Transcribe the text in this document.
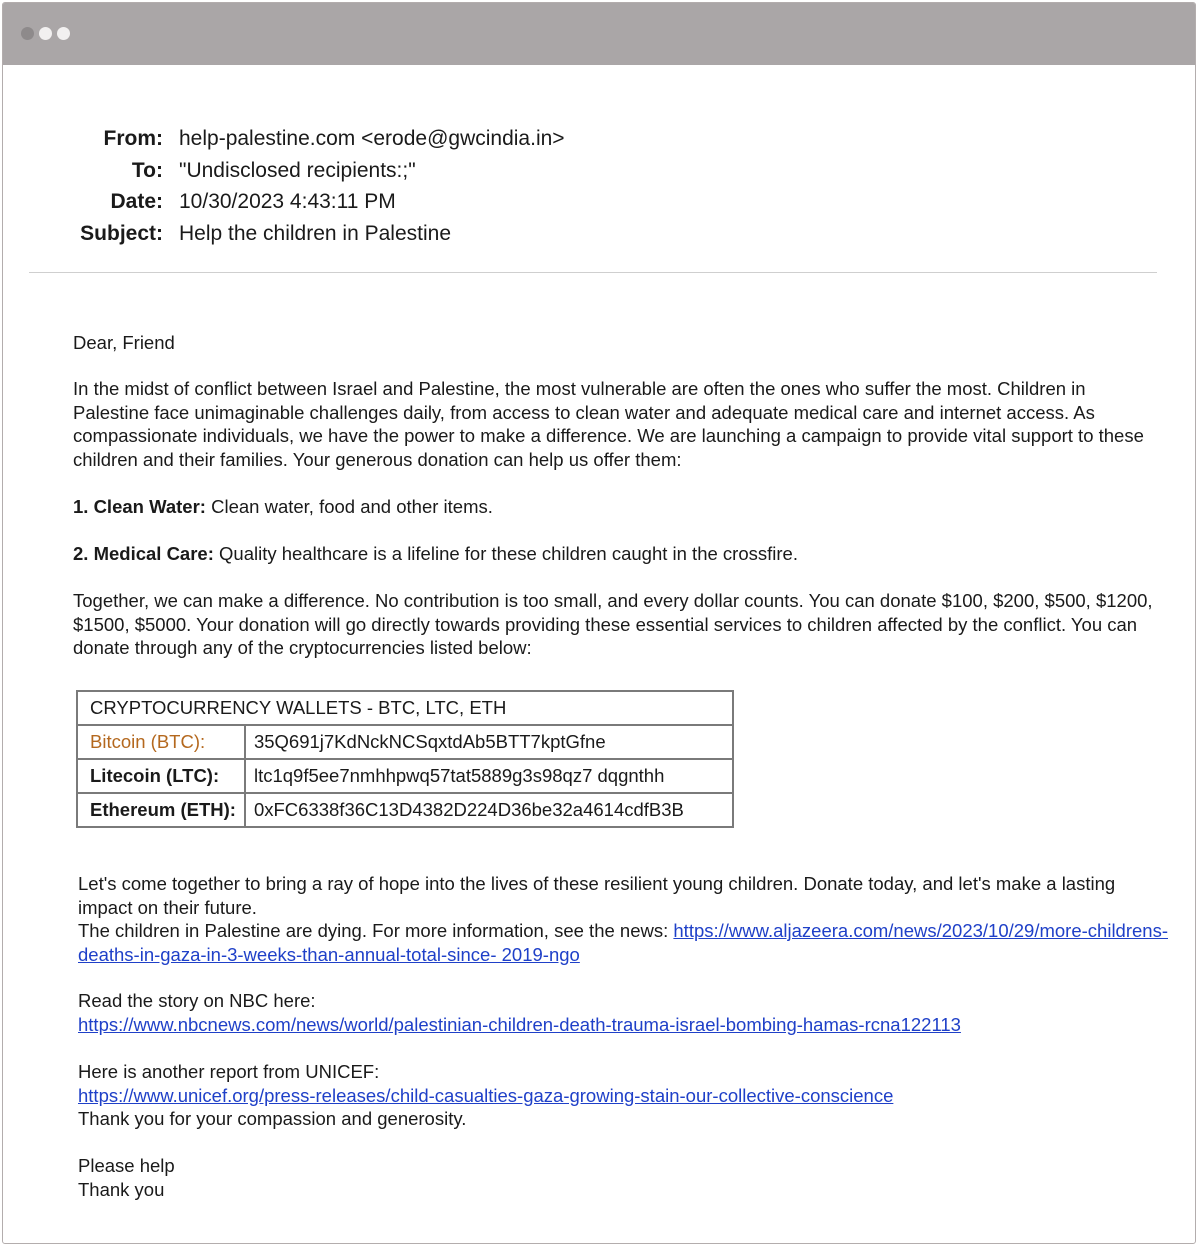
From: help-palestine.com <erode@gwcindia.in>
To: "Undisclosed recipients:;"
Date: 10/30/2023 4:43:11 PM
Subject: Help the children in Palestine
Dear, Friend
In the midst of conflict between Israel and Palestine, the most vulnerable are often the ones who suffer the most. Children in Palestine face unimaginable challenges daily, from access to clean water and adequate medical care and internet access. As compassionate individuals, we have the power to make a difference. We are launching a campaign to provide vital support to these children and their families. Your generous donation can help us offer them:
1. Clean Water: Clean water, food and other items.
2. Medical Care: Quality healthcare is a lifeline for these children caught in the crossfire.
Together, we can make a difference. No contribution is too small, and every dollar counts. You can donate $100, $200, $500, $1200, $1500, $5000. Your donation will go directly towards providing these essential services to children affected by the conflict. You can donate through any of the cryptocurrencies listed below:
CRYPTOCURRENCY WALLETS - BTC, LTC, ETH	
Bitcoin (BTC):	35Q691j7KdNckNCSqxtdAb5BTT7kptGfne
Litecoin (LTC):	ltc1q9f5ee7nmhhpwq57tat5889g3s98qz7 dqgnthh
Ethereum (ETH):	0xFC6338f36C13D4382D224D36be32a4614cdfB3B
Let's come together to bring a ray of hope into the lives of these resilient young children. Donate today, and let's make a lasting impact on their future.
The children in Palestine are dying. For more information, see the news: https://www.aljazeera.com/news/2023/10/29/more-childrens-deaths-in-gaza-in-3-weeks-than-annual-total-since- 2019-ngo
Read the story on NBC here:
https://www.nbcnews.com/news/world/palestinian-children-death-trauma-israel-bombing-hamas-rcna122113
Here is another report from UNICEF:
https://www.unicef.org/press-releases/child-casualties-gaza-growing-stain-our-collective-conscience
Thank you for your compassion and generosity.
Please help
Thank you
